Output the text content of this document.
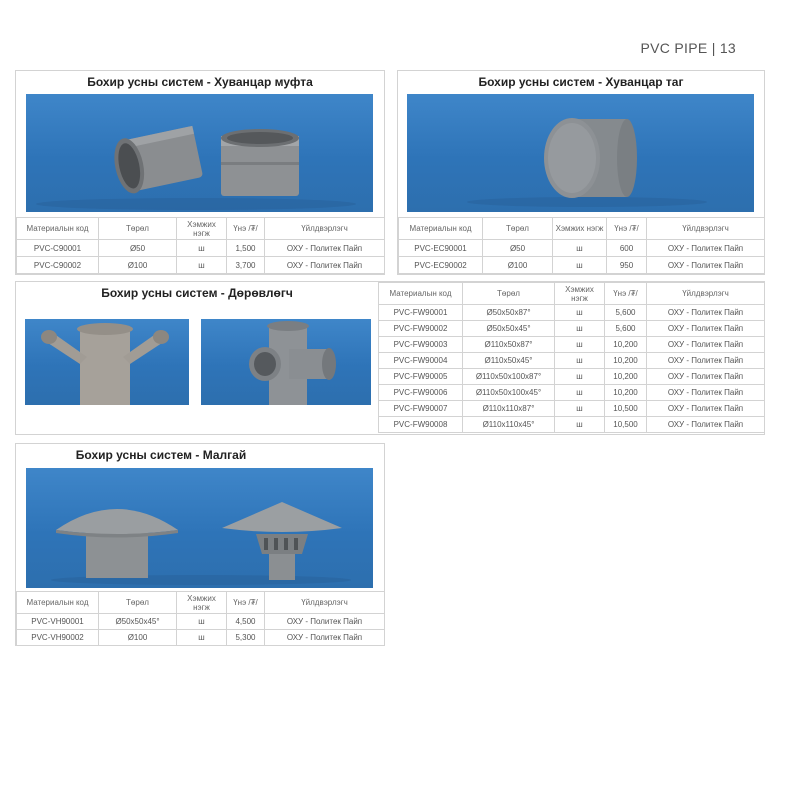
PVC PIPE | 13
Бохир усны систем - Хуванцар муфта
Материалын код	Төрөл	Хэмжих нэгж	Үнэ /₮/	Үйлдвэрлэгч
PVC-C90001	Ø50	ш	1,500	ОХУ - Политек Пайп
PVC-C90002	Ø100	ш	3,700	ОХУ - Политек Пайп
Бохир усны систем - Хуванцар таг
Материалын код	Төрөл	Хэмжих нэгж	Үнэ /₮/	Үйлдвэрлэгч
PVC-EC90001	Ø50	ш	600	ОХУ - Политек Пайп
PVC-EC90002	Ø100	ш	950	ОХУ - Политек Пайп
Бохир усны систем - Дөрөвлөгч	Материалын код	Төрөл	Хэмжих нэгж	Үнэ /₮/	Үйлдвэрлэгч
PVC-FW90001	Ø50x50x87°	ш	5,600	ОХУ - Политек Пайп
PVC-FW90002	Ø50x50x45°	ш	5,600	ОХУ - Политек Пайп
PVC-FW90003	Ø110x50x87°	ш	10,200	ОХУ - Политек Пайп
PVC-FW90004	Ø110x50x45°	ш	10,200	ОХУ - Политек Пайп
PVC-FW90005	Ø110x50x100x87°	ш	10,200	ОХУ - Политек Пайп
PVC-FW90006	Ø110x50x100x45°	ш	10,200	ОХУ - Политек Пайп
PVC-FW90007	Ø110x110x87°	ш	10,500	ОХУ - Политек Пайп
PVC-FW90008	Ø110x110x45°	ш	10,500	ОХУ - Политек Пайп
Бохир усны систем - Малгай
Материалын код	Төрөл	Хэмжих нэгж	Үнэ /₮/	Үйлдвэрлэгч
PVC-VH90001	Ø50x50x45°	ш	4,500	ОХУ - Политек Пайп
PVC-VH90002	Ø100	ш	5,300	ОХУ - Политек Пайп
